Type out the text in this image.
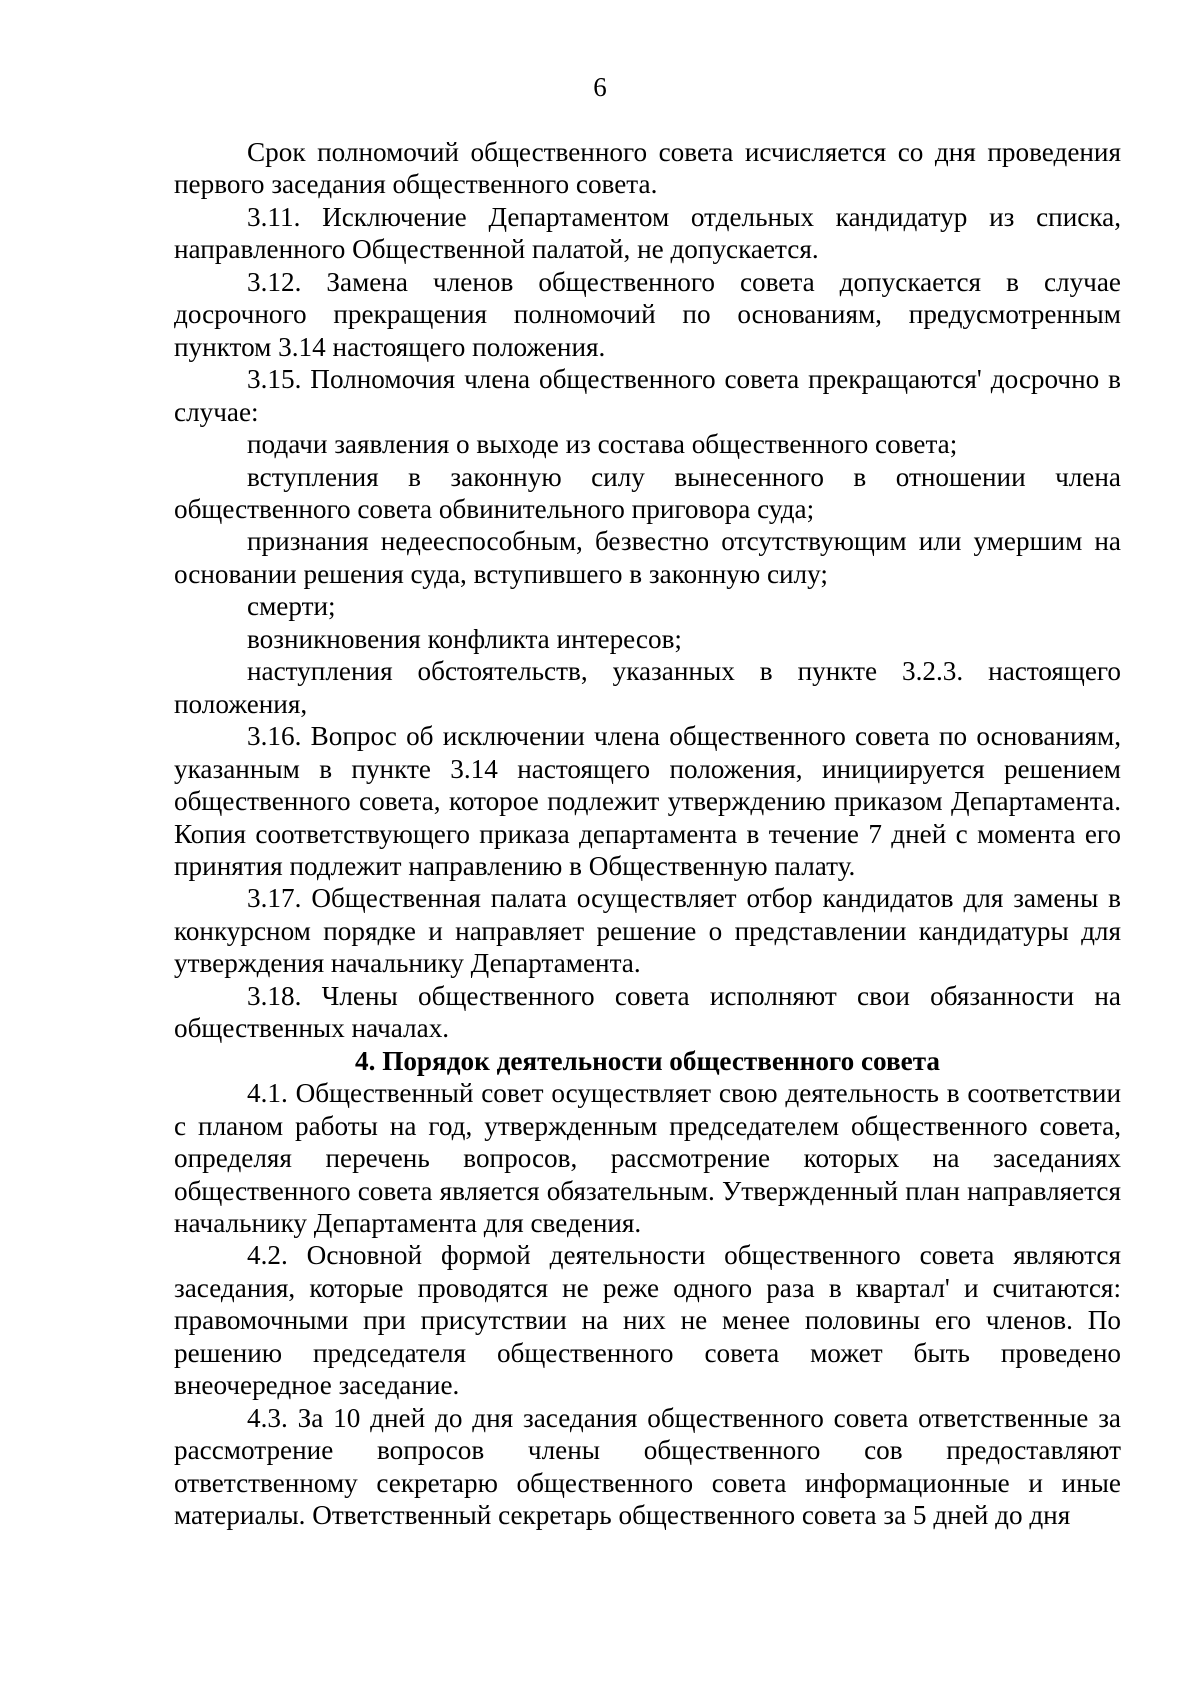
6

Срок полномочий общественного совета исчисляется со дня проведения первого заседания общественного совета.

3.11. Исключение Департаментом отдельных кандидатур из списка, направленного Общественной палатой, не допускается.

3.12. Замена членов общественного совета допускается в случае досрочного прекращения полномочий по основаниям, предусмотренным пунктом 3.14 настоящего положения.

3.15. Полномочия члена общественного совета прекращаются' досрочно в случае:

подачи заявления о выходе из состава общественного совета;

вступления в законную силу вынесенного в отношении члена общественного совета обвинительного приговора суда;

признания недееспособным, безвестно отсутствующим или умершим на основании решения суда, вступившего в законную силу;

смерти;

возникновения конфликта интересов;

наступления обстоятельств, указанных в пункте 3.2.3. настоящего положения,

3.16. Вопрос об исключении члена общественного совета по основаниям, указанным в пункте 3.14 настоящего положения, инициируется решением общественного совета, которое подлежит утверждению приказом Департамента. Копия соответствующего приказа департамента в течение 7 дней с момента его принятия подлежит направлению в Общественную палату.

3.17. Общественная палата осуществляет отбор кандидатов для замены в конкурсном порядке и направляет решение о представлении кандидатуры для утверждения начальнику Департамента.

3.18. Члены общественного совета исполняют свои обязанности на общественных началах.

4. Порядок деятельности общественного совета

4.1. Общественный совет осуществляет свою деятельность в соответствии с планом работы на год, утвержденным председателем общественного совета, определяя перечень вопросов, рассмотрение которых на заседаниях общественного совета является обязательным. Утвержденный план направляется начальнику Департамента для сведения.

4.2. Основной формой деятельности общественного совета являются заседания, которые проводятся не реже одного раза в квартал' и считаются: правомочными при присутствии на них не менее половины его членов. По решению председателя общественного совета может быть проведено внеочередное заседание.

4.3. За 10 дней до дня заседания общественного совета ответственные за рассмотрение вопросов члены общественного сов предоставляют ответственному секретарю общественного совета информационные и иные материалы. Ответственный секретарь общественного совета за 5 дней до дня
